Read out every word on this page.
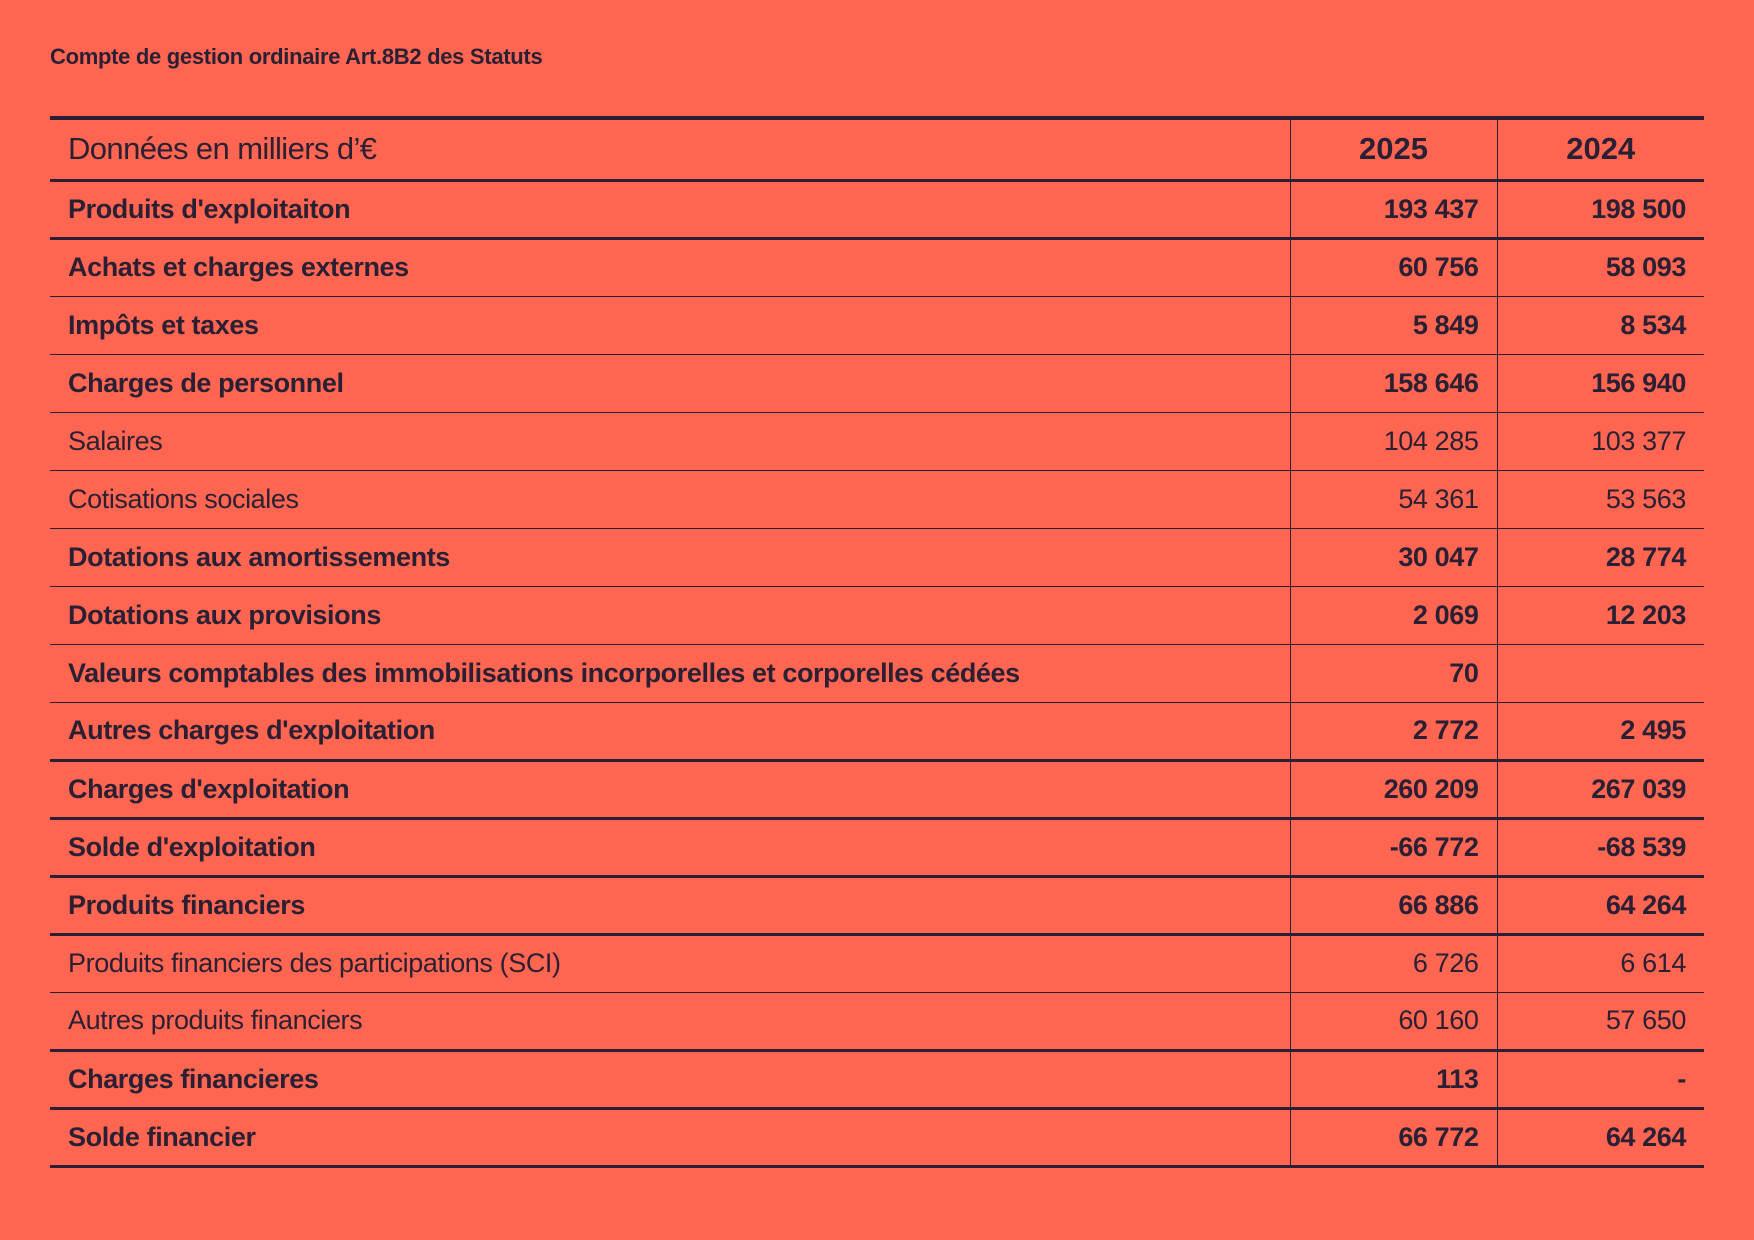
Compte de gestion ordinaire Art.8B2 des Statuts
Données en milliers d’€	2025	2024
Produits d'exploitaiton	193 437	198 500
Achats et charges externes	60 756	58 093
Impôts et taxes	5 849	8 534
Charges de personnel	158 646	156 940
Salaires	104 285	103 377
Cotisations sociales	54 361	53 563
Dotations aux amortissements	30 047	28 774
Dotations aux provisions	2 069	12 203
Valeurs comptables des immobilisations incorporelles et corporelles cédées	70	
Autres charges d'exploitation	2 772	2 495
Charges d'exploitation	260 209	267 039
Solde d'exploitation	-66 772	-68 539
Produits financiers	66 886	64 264
Produits financiers des participations (SCI)	6 726	6 614
Autres produits financiers	60 160	57 650
Charges financieres	113	-
Solde financier	66 772	64 264
